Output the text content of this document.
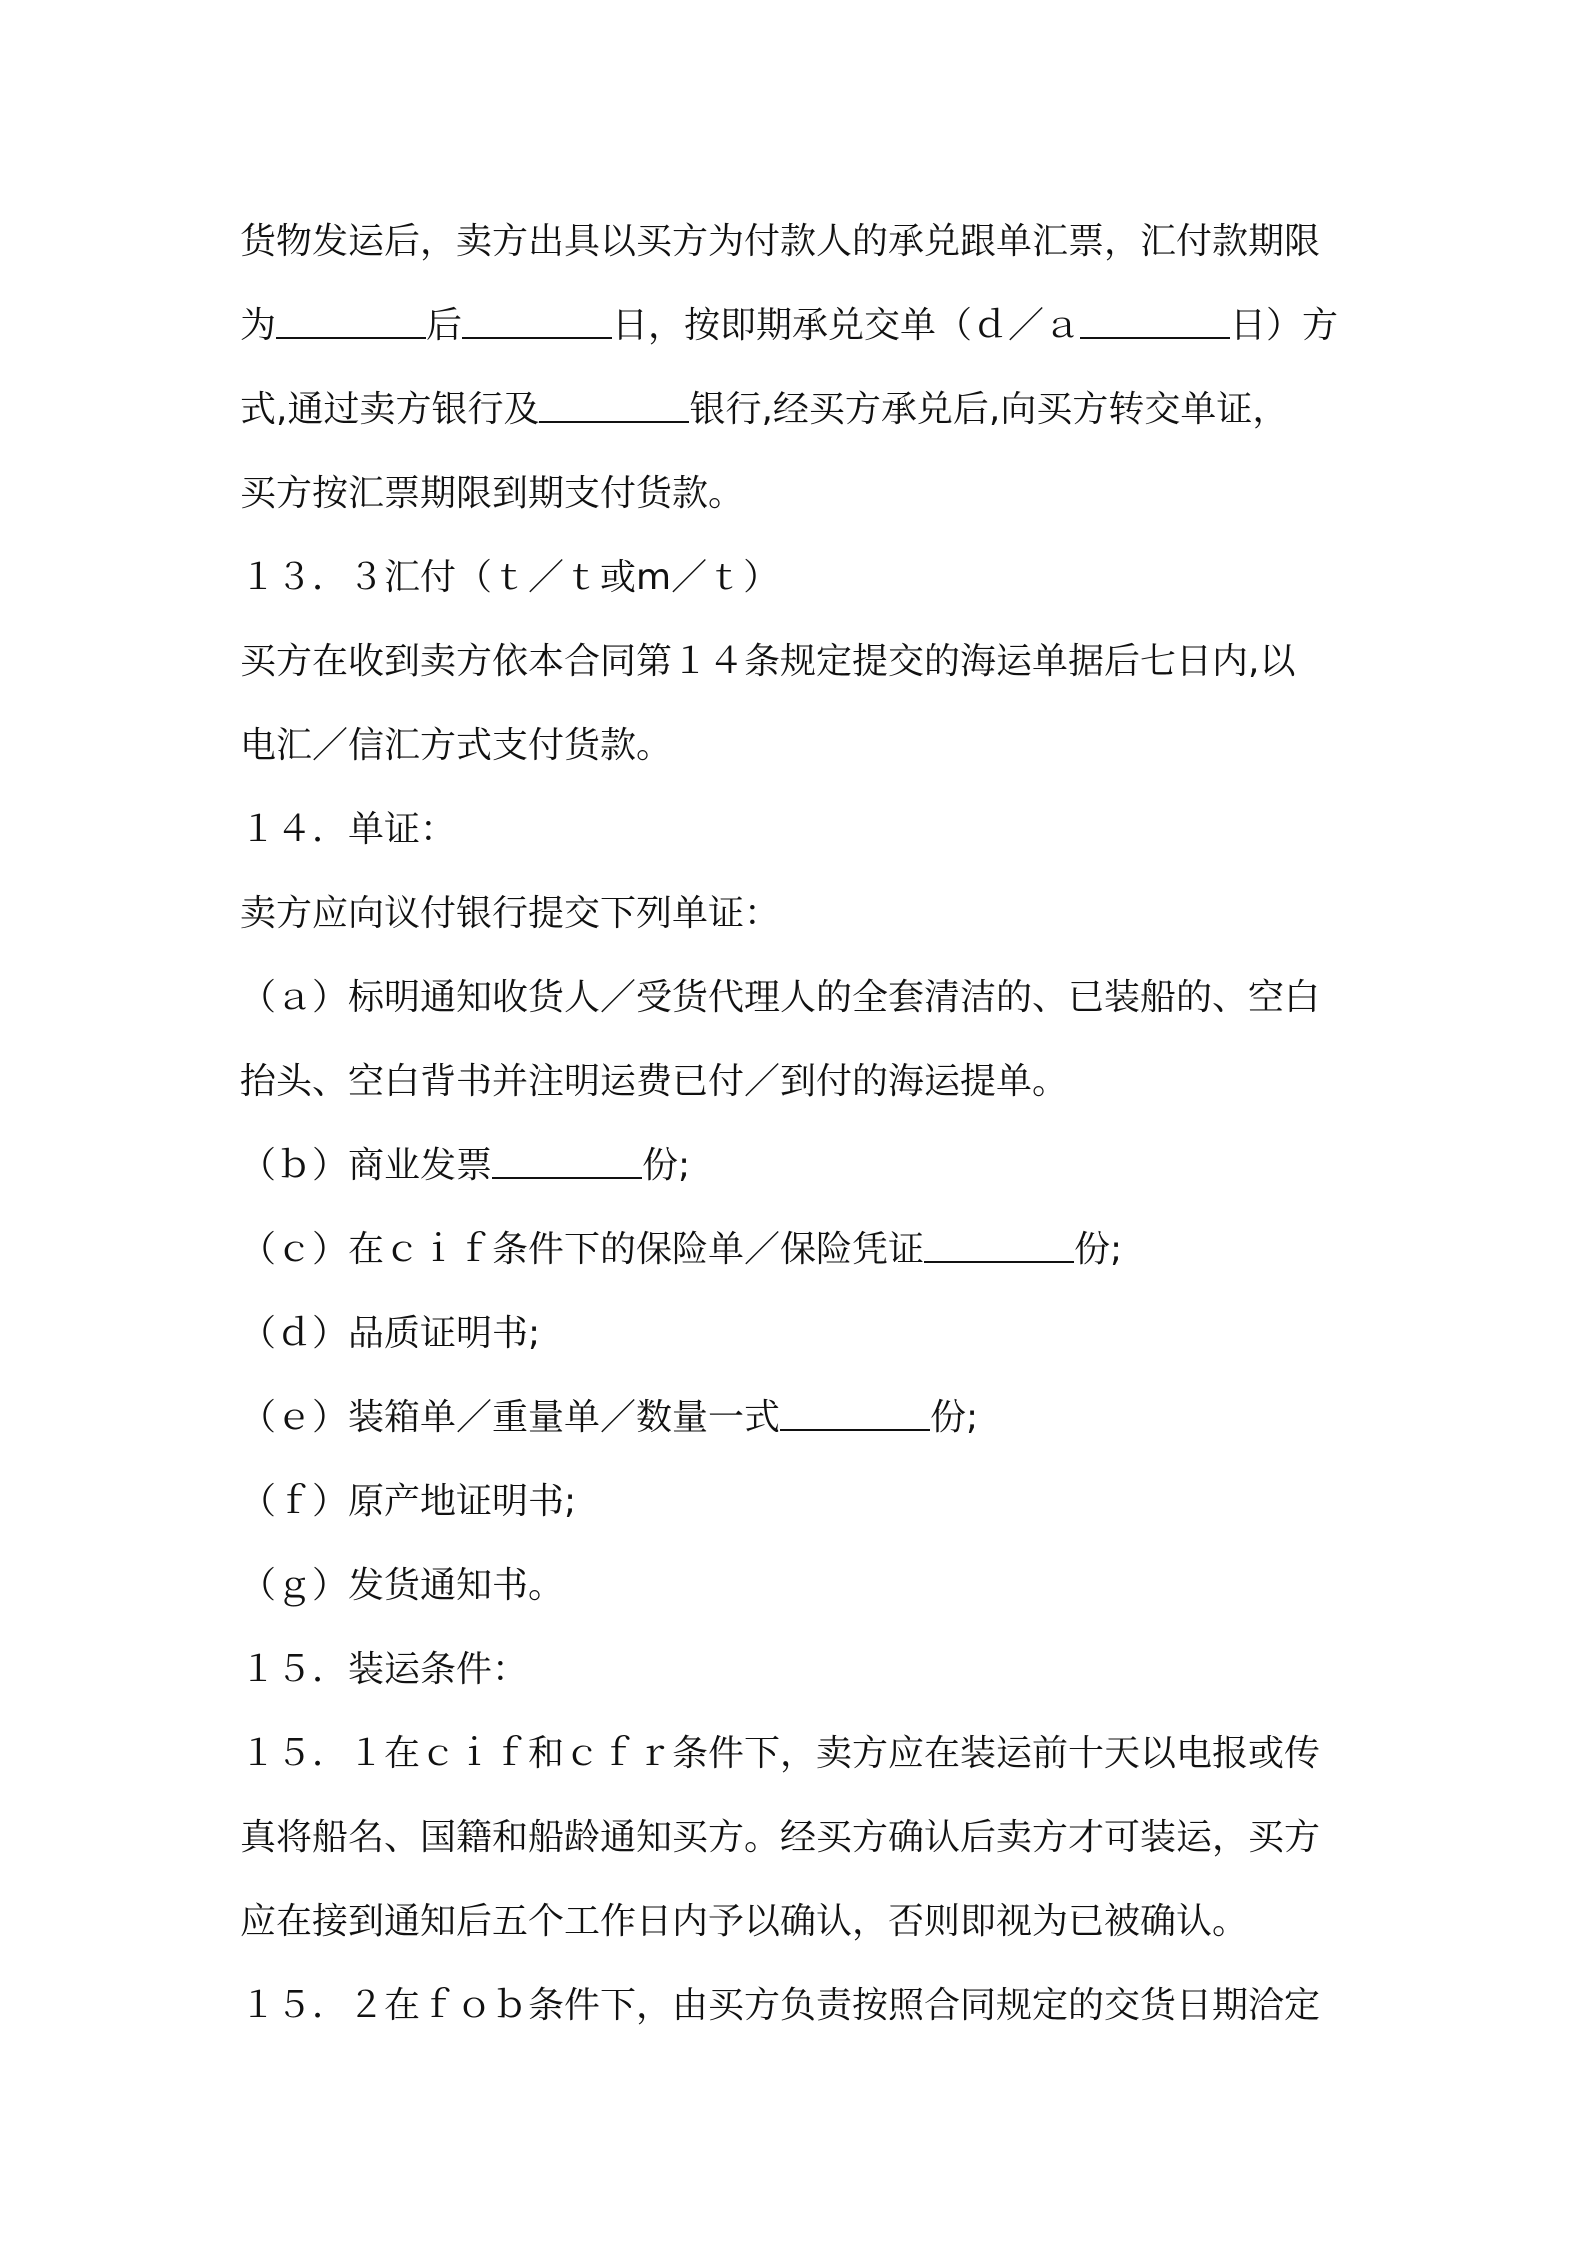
货物发运后，卖方出具以买方为付款人的承兑跟单汇票，汇付款期限
为	后	日，按即期承兑交单（ｄ／ａ	日）方
式,通过卖方银行及	银行,经买方承兑后,向买方转交单证，
买方按汇票期限到期支付货款。
１３．３汇付（ｔ／ｔ或m／ｔ）
买方在收到卖方依本合同第１４条规定提交的海运单据后七日内,以
电汇／信汇方式支付货款。
１４．单证：
卖方应向议付银行提交下列单证：
（ａ）标明通知收货人／受货代理人的全套清洁的、已装船的、空白
抬头、空白背书并注明运费已付／到付的海运提单。
（ｂ）商业发票	份;
（ｃ）在ｃｉｆ条件下的保险单／保险凭证	份;
（ｄ）品质证明书;
（ｅ）装箱单／重量单／数量一式	份;
（ｆ）原产地证明书;
（ｇ）发货通知书。
１５．装运条件：
１５．１在ｃｉｆ和ｃｆｒ条件下，卖方应在装运前十天以电报或传
真将船名、国籍和船龄通知买方。经买方确认后卖方才可装运，买方
应在接到通知后五个工作日内予以确认，否则即视为已被确认。
１５．２在ｆｏｂ条件下，由买方负责按照合同规定的交货日期洽定
